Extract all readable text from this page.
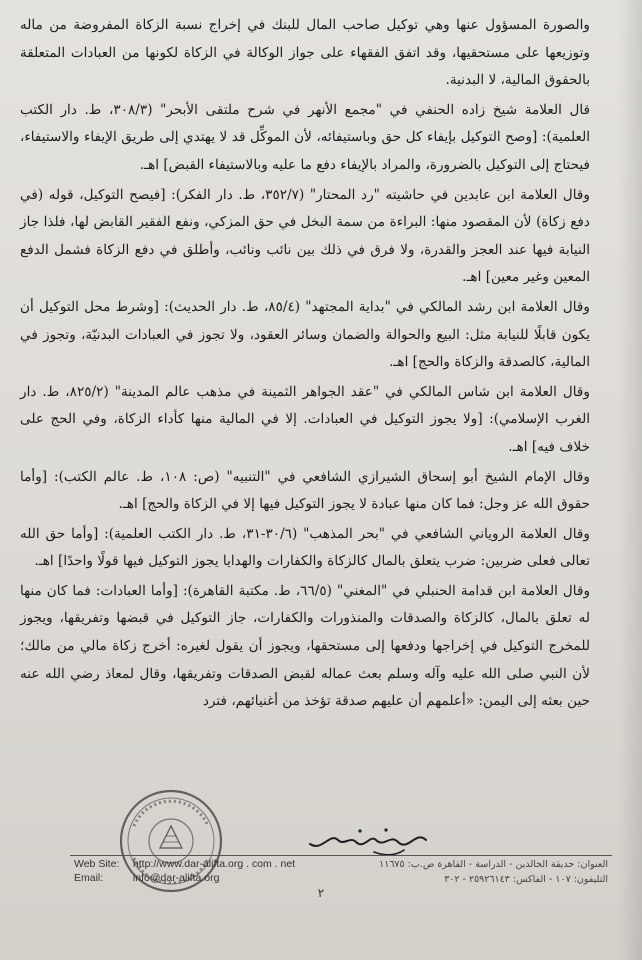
والصورة المسؤول عنها وهي توكيل صاحب المال للبنك في إخراج نسبة الزكاة المفروضة من ماله وتوزيعها على مستحقيها، وقد اتفق الفقهاء على جواز الوكالة في الزكاة لكونها من العبادات المتعلقة بالحقوق المالية، لا البدنية.

قال العلامة شيخ زاده الحنفي في "مجمع الأنهر في شرح ملتقى الأبحر" (٣٠٨/٣، ط. دار الكتب العلمية): [وصح التوكيل بإيفاء كل حق وباستيفائه، لأن الموكِّل قد لا يهتدي إلى طريق الإيفاء والاستيفاء، فيحتاج إلى التوكيل بالضرورة، والمراد بالإيفاء دفع ما عليه وبالاستيفاء القبض] اهـ.

وقال العلامة ابن عابدين في حاشيته "رد المحتار" (٣٥٢/٧، ط. دار الفكر): [فيصح التوكيل، قوله (في دفع زكاة) لأن المقصود منها: البراءة من سمة البخل في حق المزكي، ونفع الفقير القابض لها، فلذا جاز النيابة فيها عند العجز والقدرة، ولا فرق في ذلك بين نائب ونائب، وأطلق في دفع الزكاة فشمل الدفع المعين وغير معين] اهـ.

وقال العلامة ابن رشد المالكي في "بداية المجتهد" (٨٥/٤، ط. دار الحديث): [وشرط محل التوكيل أن يكون قابلًا للنيابة مثل: البيع والحوالة والضمان وسائر العقود، ولا تجوز في العبادات البدنيّة، وتجوز في المالية، كالصدقة والزكاة والحج] اهـ.

وقال العلامة ابن شاس المالكي في "عقد الجواهر الثمينة في مذهب عالم المدينة" (٨٢٥/٢، ط. دار الغرب الإسلامي): [ولا يجوز التوكيل في العبادات. إلا في المالية منها كأداء الزكاة، وفي الحج على خلاف فيه] اهـ.

وقال الإمام الشيخ أبو إسحاق الشيرازي الشافعي في "التنبيه" (ص: ١٠٨، ط. عالم الكتب): [وأما حقوق الله عز وجل: فما كان منها عبادة لا يجوز التوكيل فيها إلا في الزكاة والحج] اهـ.

وقال العلامة الروياني الشافعي في "بحر المذهب" (٣٠/٦-٣١، ط. دار الكتب العلمية): [وأما حق الله تعالى فعلى ضربين: ضرب يتعلق بالمال كالزكاة والكفارات والهدايا يجوز التوكيل فيها قولًا واحدًا] اهـ.

وقال العلامة ابن قدامة الحنبلي في "المغني" (٦٦/٥، ط. مكتبة القاهرة): [وأما العبادات: فما كان منها له تعلق بالمال، كالزكاة والصدقات والمنذورات والكفارات، جاز التوكيل في قبضها وتفريقها، ويجوز للمخرج التوكيل في إخراجها ودفعها إلى مستحقها، ويجوز أن يقول لغيره: أخرج زكاة مالي من مالك؛ لأن النبي صلى الله عليه وآله وسلم بعث عماله لقبض الصدقات وتفريقها، وقال لمعاذ رضي الله عنه حين بعثه إلى اليمن: «أعلمهم أن عليهم صدقة تؤخذ من أغنيائهم، فترد

Web Site: http://www.dar-alifta.org . com . net
Email:	info@dar-alifta.org
العنوان: حديقة الخالدين - الدراسة - القاهرة ص.ب: ١١٦٧٥
التليفون: ١٠٧ - الفاكس: ٢٥٩٢٦١٤٣ - ٣٠٢
٢
